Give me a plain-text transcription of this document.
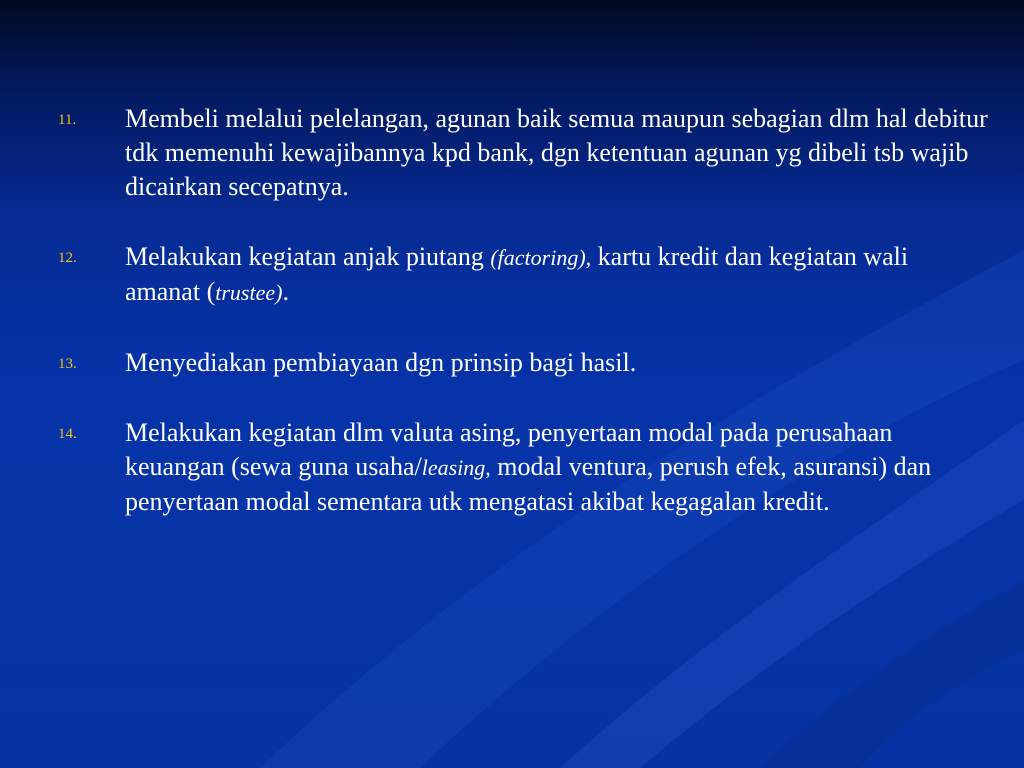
11. Membeli melalui pelelangan, agunan baik semua maupun sebagian dlm hal debitur tdk memenuhi kewajibannya kpd bank, dgn ketentuan agunan yg dibeli tsb wajib dicairkan secepatnya.
12. Melakukan kegiatan anjak piutang (factoring), kartu kredit dan kegiatan wali amanat (trustee).
13. Menyediakan pembiayaan dgn prinsip bagi hasil.
14. Melakukan kegiatan dlm valuta asing, penyertaan modal pada perusahaan keuangan (sewa guna usaha/leasing, modal ventura, perush efek, asuransi) dan penyertaan modal sementara utk mengatasi akibat kegagalan kredit.
